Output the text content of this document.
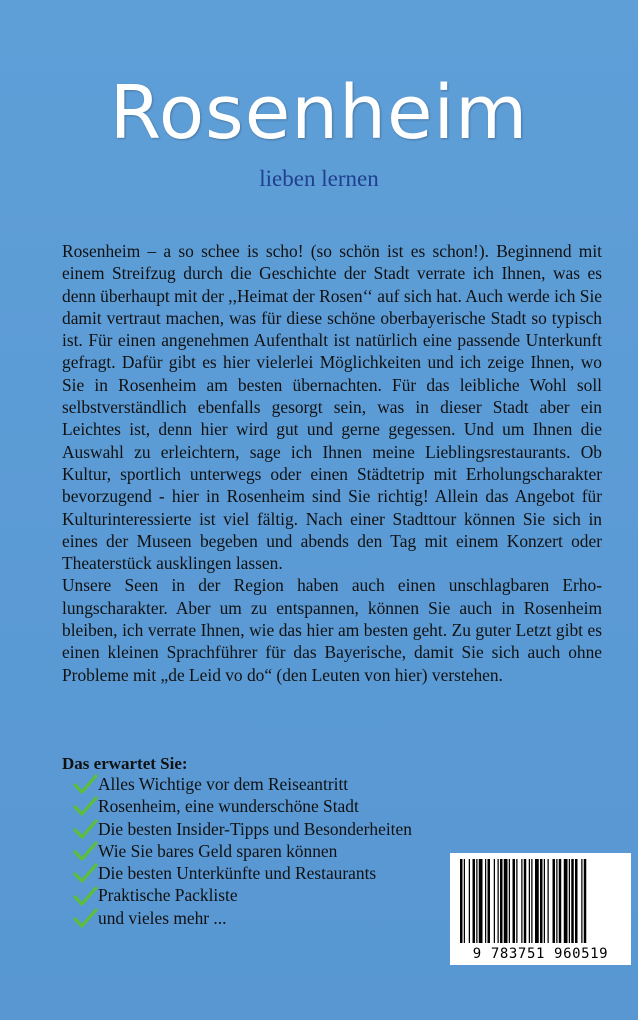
Rosenheim
lieben lernen

Rosenheim – a so schee is scho! (so schön ist es schon!). Beginnend mit einem Streifzug durch die Geschichte der Stadt verrate ich Ihnen, was es denn überhaupt mit der ,,Heimat der Rosen‘‘ auf sich hat. Auch werde ich Sie damit vertraut machen, was für diese schöne oberbayerische Stadt so typisch ist. Für einen angenehmen Aufenthalt ist natürlich eine passende Unterkunft gefragt. Dafür gibt es hier vielerlei Möglichkeiten und ich zeige Ihnen, wo Sie in Rosenheim am besten übernachten. Für das leibliche Wohl soll selbstverständlich ebenfalls gesorgt sein, was in dieser Stadt aber ein Leichtes ist, denn hier wird gut und gerne gegessen. Und um Ihnen die Auswahl zu erleichtern, sage ich Ihnen meine Lieblingsrestaurants. Ob Kultur, sportlich unterwegs oder einen Städtetrip mit Erholungscharakter bevorzugend - hier in Rosenheim sind Sie richtig! Allein das Angebot für Kulturinteressierte ist viel fältig. Nach einer Stadttour können Sie sich in eines der Museen begeben und abends den Tag mit einem Konzert oder Theaterstück ausklingen lassen.

Unsere Seen in der Region haben auch einen unschlagbaren Erholungscharakter. Aber um zu entspannen, können Sie auch in Rosenheim bleiben, ich verrate Ihnen, wie das hier am besten geht. Zu guter Letzt gibt es einen kleinen Sprachführer für das Bayerische, damit Sie sich auch ohne Probleme mit „de Leid vo do“ (den Leuten von hier) verstehen.

Das erwartet Sie:
Alles Wichtige vor dem Reiseantritt
Rosenheim, eine wunderschöne Stadt
Die besten Insider-Tipps und Besonderheiten
Wie Sie bares Geld sparen können
Die besten Unterkünfte und Restaurants
Praktische Packliste
und vieles mehr ...
9 783751 960519
